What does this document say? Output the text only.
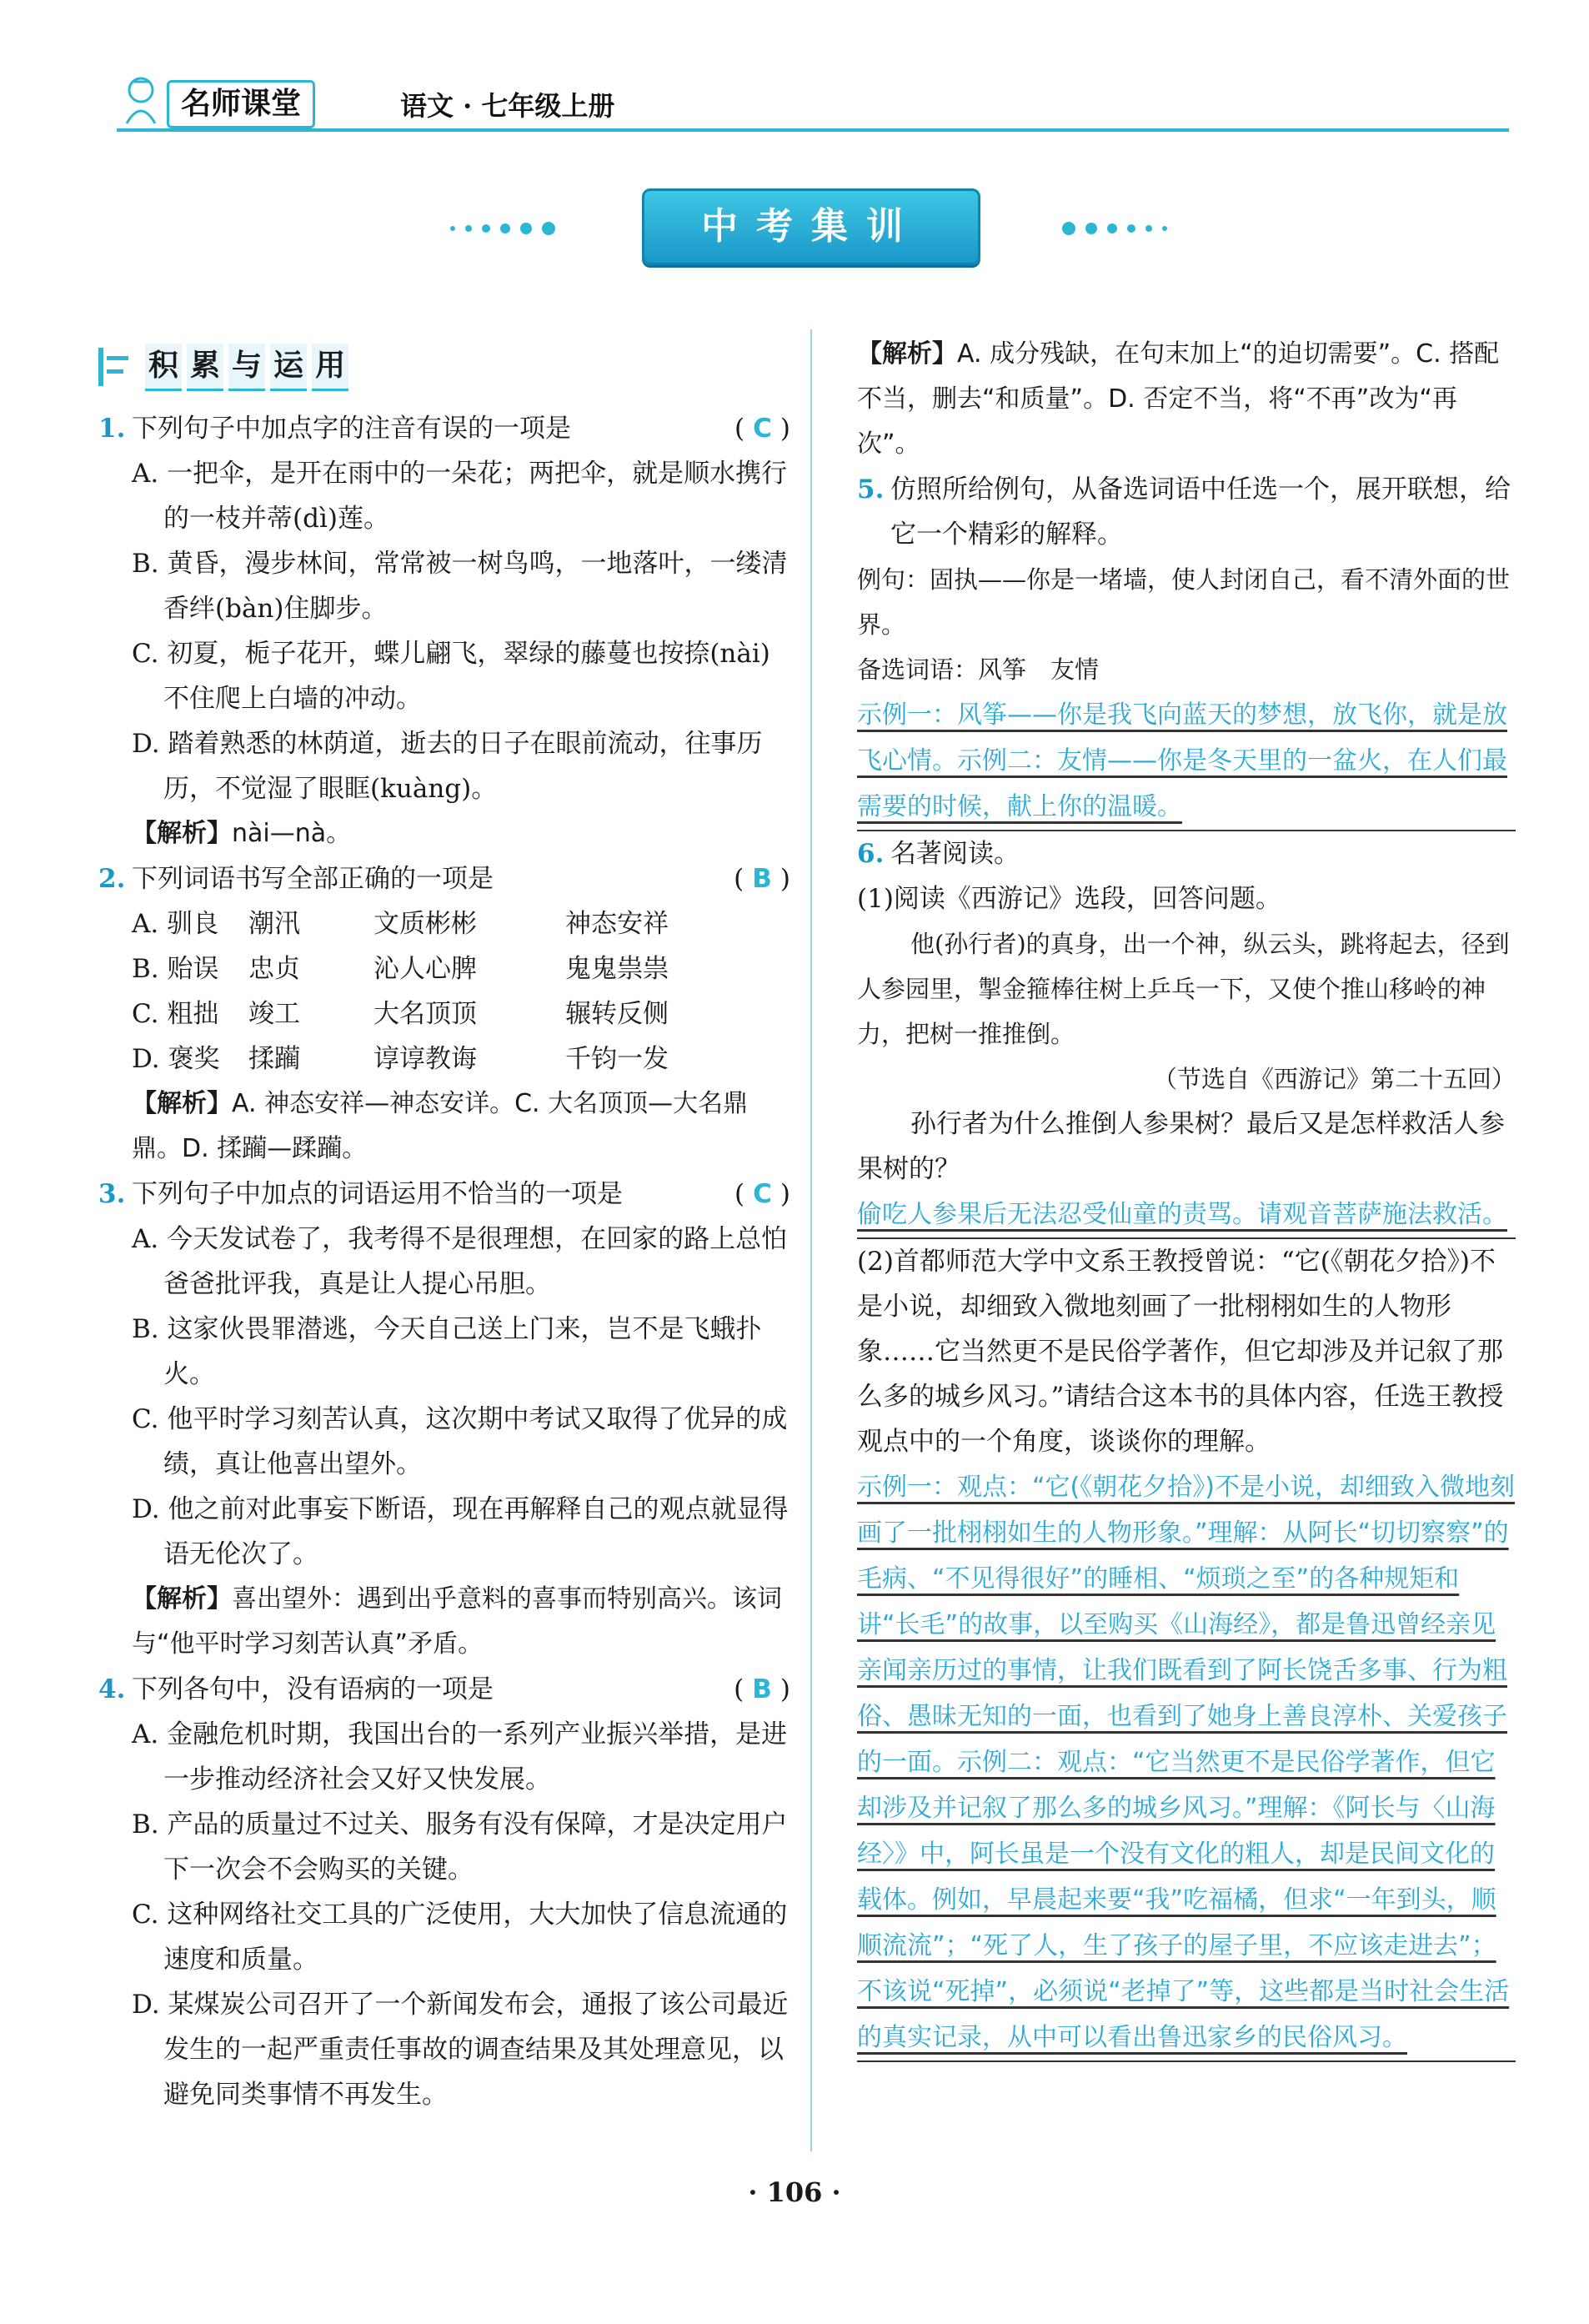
名师课堂	语文 · 七年级上册
中考集训
积 累 与 运 用
1. 下列句子中加点字的注音有误的一项是	( C )
A. 一把伞，是开在雨中的一朵花；两把伞，就是顺水携行的一枝并蒂(dì)莲。
B. 黄昏，漫步林间，常常被一树鸟鸣，一地落叶，一缕清香绊(bàn)住脚步。
C. 初夏，栀子花开，蝶儿翩飞，翠绿的藤蔓也按捺(nài)不住爬上白墙的冲动。
D. 踏着熟悉的林荫道，逝去的日子在眼前流动，往事历历，不觉湿了眼眶(kuàng)。
【解析】nài—nà。
2. 下列词语书写全部正确的一项是	( B )
A. 驯良	潮汛	文质彬彬	神态安祥
B. 贻误	忠贞	沁人心脾	鬼鬼祟祟
C. 粗拙	竣工	大名顶顶	辗转反侧
D. 褒奖	揉躏	谆谆教诲	千钧一发
【解析】A. 神态安祥—神态安详。C. 大名顶顶—大名鼎鼎。D. 揉躏—蹂躏。
3. 下列句子中加点的词语运用不恰当的一项是	( C )
A. 今天发试卷了，我考得不是很理想，在回家的路上总怕爸爸批评我，真是让人提心吊胆。
B. 这家伙畏罪潜逃，今天自己送上门来，岂不是飞蛾扑火。
C. 他平时学习刻苦认真，这次期中考试又取得了优异的成绩，真让他喜出望外。
D. 他之前对此事妄下断语，现在再解释自己的观点就显得语无伦次了。
【解析】喜出望外：遇到出乎意料的喜事而特别高兴。该词与“他平时学习刻苦认真”矛盾。
4. 下列各句中，没有语病的一项是	( B )
A. 金融危机时期，我国出台的一系列产业振兴举措，是进一步推动经济社会又好又快发展。
B. 产品的质量过不过关、服务有没有保障，才是决定用户下一次会不会购买的关键。
C. 这种网络社交工具的广泛使用，大大加快了信息流通的速度和质量。
D. 某煤炭公司召开了一个新闻发布会，通报了该公司最近发生的一起严重责任事故的调查结果及其处理意见，以避免同类事情不再发生。
【解析】A. 成分残缺，在句末加上“的迫切需要”。C. 搭配不当，删去“和质量”。D. 否定不当，将“不再”改为“再次”。
5. 仿照所给例句，从备选词语中任选一个，展开联想，给它一个精彩的解释。
例句：固执——你是一堵墙，使人封闭自己，看不清外面的世界。
备选词语：风筝　友情
示例一：风筝——你是我飞向蓝天的梦想，放飞你，就是放飞心情。示例二：友情——你是冬天里的一盆火，在人们最需要的时候，献上你的温暖。
6. 名著阅读。
(1)阅读《西游记》选段，回答问题。
他(孙行者)的真身，出一个神，纵云头，跳将起去，径到人参园里，掣金箍棒往树上乒乓一下，又使个推山移岭的神力，把树一推推倒。
（节选自《西游记》第二十五回）
孙行者为什么推倒人参果树？最后又是怎样救活人参果树的？
偷吃人参果后无法忍受仙童的责骂。请观音菩萨施法救活。
(2)首都师范大学中文系王教授曾说：“它(《朝花夕拾》)不是小说，却细致入微地刻画了一批栩栩如生的人物形象……它当然更不是民俗学著作，但它却涉及并记叙了那么多的城乡风习。”请结合这本书的具体内容，任选王教授观点中的一个角度，谈谈你的理解。
示例一：观点：“它(《朝花夕拾》)不是小说，却细致入微地刻画了一批栩栩如生的人物形象。”理解：从阿长“切切察察”的毛病、“不见得很好”的睡相、“烦琐之至”的各种规矩和讲“长毛”的故事，以至购买《山海经》，都是鲁迅曾经亲见亲闻亲历过的事情，让我们既看到了阿长饶舌多事、行为粗俗、愚昧无知的一面，也看到了她身上善良淳朴、关爱孩子的一面。示例二：观点：“它当然更不是民俗学著作，但它却涉及并记叙了那么多的城乡风习。”理解：《阿长与〈山海经〉》中，阿长虽是一个没有文化的粗人，却是民间文化的载体。例如，早晨起来要“我”吃福橘，但求“一年到头，顺顺流流”；“死了人，生了孩子的屋子里，不应该走进去”；不该说“死掉”，必须说“老掉了”等，这些都是当时社会生活的真实记录，从中可以看出鲁迅家乡的民俗风习。
· 106 ·
